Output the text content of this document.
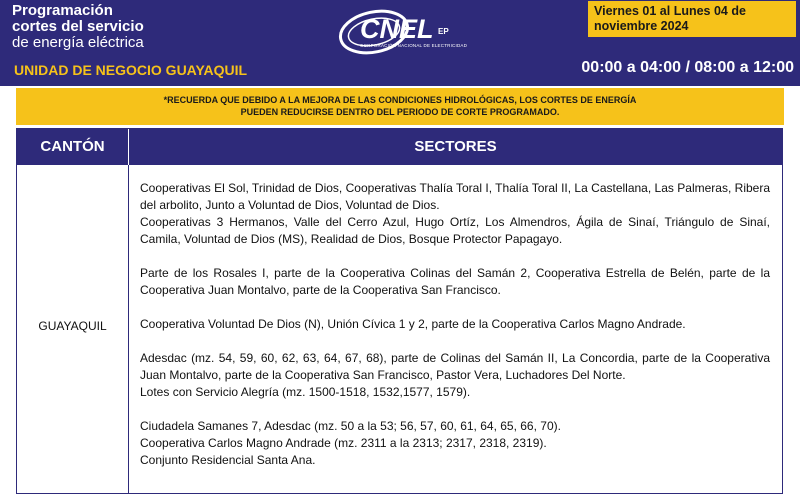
Programación
cortes del servicio
de energía eléctrica
UNIDAD DE NEGOCIO GUAYAQUIL
CNEL EP
CORPORACIÓN NACIONAL DE ELECTRICIDAD
Viernes 01 al Lunes 04 de noviembre 2024
00:00 a 04:00 / 08:00 a 12:00
*RECUERDA QUE DEBIDO A LA MEJORA DE LAS CONDICIONES HIDROLÓGICAS, LOS CORTES DE ENERGÍA
PUEDEN REDUCIRSE DENTRO DEL PERIODO DE CORTE PROGRAMADO.
CANTÓN	SECTORES
GUAYAQUIL

Cooperativas El Sol, Trinidad de Dios, Cooperativas Thalía Toral I, Thalía Toral II, La Castellana, Las Palmeras, Ribera del arbolito, Junto a Voluntad de Dios, Voluntad de Dios.
Cooperativas 3 Hermanos, Valle del Cerro Azul, Hugo Ortíz, Los Almendros, Ágila de Sinaí, Triángulo de Sinaí, Camila, Voluntad de Dios (MS), Realidad de Dios, Bosque Protector Papagayo.

Parte de los Rosales I, parte de la Cooperativa Colinas del Samán 2, Cooperativa Estrella de Belén, parte de la Cooperativa Juan Montalvo, parte de la Cooperativa San Francisco.

Cooperativa Voluntad De Dios (N), Unión Cívica 1 y 2, parte de la Cooperativa Carlos Magno Andrade.

Adesdac (mz. 54, 59, 60, 62, 63, 64, 67, 68), parte de Colinas del Samán II, La Concordia, parte de la Cooperativa Juan Montalvo, parte de la Cooperativa San Francisco, Pastor Vera, Luchadores Del Norte.
Lotes con Servicio Alegría (mz. 1500-1518, 1532,1577, 1579).

Ciudadela Samanes 7, Adesdac (mz. 50 a la 53; 56, 57, 60, 61, 64, 65, 66, 70).
Cooperativa Carlos Magno Andrade (mz. 2311 a la 2313; 2317, 2318, 2319).
Conjunto Residencial Santa Ana.
